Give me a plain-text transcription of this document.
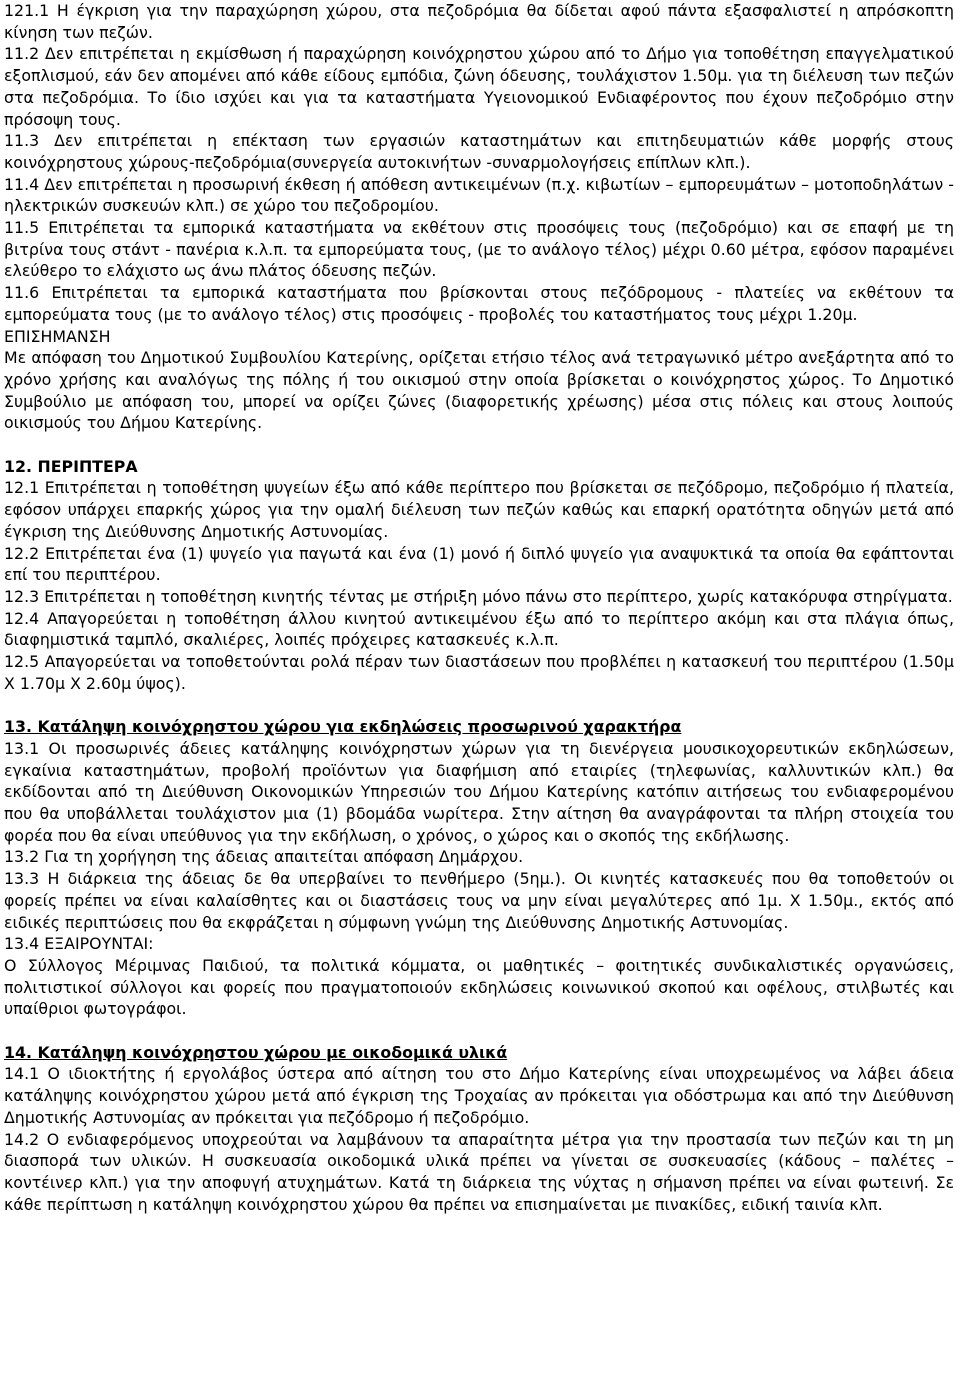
121.1 Η έγκριση για την παραχώρηση χώρου, στα πεζοδρόμια θα δίδεται αφού πάντα εξασφαλιστεί η απρόσκοπτη κίνηση των πεζών.

11.2 Δεν επιτρέπεται η εκμίσθωση ή παραχώρηση κοινόχρηστου χώρου από το Δήμο για τοποθέτηση επαγγελματικού εξοπλισμού, εάν δεν απομένει από κάθε είδους εμπόδια, ζώνη όδευσης, τουλάχιστον 1.50μ. για τη διέλευση των πεζών στα πεζοδρόμια. Το ίδιο ισχύει και για τα καταστήματα Υγειονομικού Ενδιαφέροντος που έχουν πεζοδρόμιο στην πρόσοψη τους.

11.3 Δεν επιτρέπεται η επέκταση των εργασιών καταστημάτων και επιτηδευματιών κάθε μορφής στους κοινόχρηστους χώρους-πεζοδρόμια(συνεργεία αυτοκινήτων -συναρμολογήσεις επίπλων κλπ.).

11.4 Δεν επιτρέπεται η προσωρινή έκθεση ή απόθεση αντικειμένων (π.χ. κιβωτίων – εμπορευμάτων – μοτοποδηλάτων - ηλεκτρικών συσκευών κλπ.) σε χώρο του πεζοδρομίου.

11.5 Επιτρέπεται τα εμπορικά καταστήματα να εκθέτουν στις προσόψεις τους (πεζοδρόμιο) και σε επαφή με τη βιτρίνα τους στάντ - πανέρια κ.λ.π. τα εμπορεύματα τους, (με το ανάλογο τέλος) μέχρι 0.60 μέτρα, εφόσον παραμένει ελεύθερο το ελάχιστο ως άνω πλάτος όδευσης πεζών.

11.6 Επιτρέπεται τα εμπορικά καταστήματα που βρίσκονται στους πεζόδρομους - πλατείες να εκθέτουν τα εμπορεύματα τους (με το ανάλογο τέλος) στις προσόψεις - προβολές του καταστήματος τους μέχρι 1.20μ.

ΕΠΙΣΗΜΑΝΣΗ

Με απόφαση του Δημοτικού Συμβουλίου Κατερίνης, ορίζεται ετήσιο τέλος ανά τετραγωνικό μέτρο ανεξάρτητα από το χρόνο χρήσης και αναλόγως της πόλης ή του οικισμού στην οποία βρίσκεται ο κοινόχρηστος χώρος. Το Δημοτικό Συμβούλιο με απόφαση του, μπορεί να ορίζει ζώνες (διαφορετικής χρέωσης) μέσα στις πόλεις και στους λοιπούς οικισμούς του Δήμου Κατερίνης.

12. ΠΕΡΙΠΤΕΡΑ

12.1 Επιτρέπεται η τοποθέτηση ψυγείων έξω από κάθε περίπτερο που βρίσκεται σε πεζόδρομο, πεζοδρόμιο ή πλατεία, εφόσον υπάρχει επαρκής χώρος για την ομαλή διέλευση των πεζών καθώς και επαρκή ορατότητα οδηγών μετά από έγκριση της Διεύθυνσης Δημοτικής Αστυνομίας.

12.2 Επιτρέπεται ένα (1) ψυγείο για παγωτά και ένα (1) μονό ή διπλό ψυγείο για αναψυκτικά τα οποία θα εφάπτονται επί του περιπτέρου.

12.3 Επιτρέπεται η τοποθέτηση κινητής τέντας με στήριξη μόνο πάνω στο περίπτερο, χωρίς κατακόρυφα στηρίγματα.

12.4 Απαγορεύεται η τοποθέτηση άλλου κινητού αντικειμένου έξω από το περίπτερο ακόμη και στα πλάγια όπως, διαφημιστικά ταμπλό, σκαλιέρες, λοιπές πρόχειρες κατασκευές κ.λ.π.

12.5 Απαγορεύεται να τοποθετούνται ρολά πέραν των διαστάσεων που προβλέπει η κατασκευή του περιπτέρου (1.50μ Χ 1.70μ Χ 2.60μ ύψος).

13. Κατάληψη κοινόχρηστου χώρου για εκδηλώσεις προσωρινού χαρακτήρα

13.1 Οι προσωρινές άδειες κατάληψης κοινόχρηστων χώρων για τη διενέργεια μουσικοχορευτικών εκδηλώσεων, εγκαίνια καταστημάτων, προβολή προϊόντων για διαφήμιση από εταιρίες (τηλεφωνίας, καλλυντικών κλπ.) θα εκδίδονται από τη Διεύθυνση Οικονομικών Υπηρεσιών του Δήμου Κατερίνης κατόπιν αιτήσεως του ενδιαφερομένου που θα υποβάλλεται τουλάχιστον μια (1) βδομάδα νωρίτερα. Στην αίτηση θα αναγράφονται τα πλήρη στοιχεία του φορέα που θα είναι υπεύθυνος για την εκδήλωση, ο χρόνος, ο χώρος και ο σκοπός της εκδήλωσης.

13.2 Για τη χορήγηση της άδειας απαιτείται απόφαση Δημάρχου.

13.3 Η διάρκεια της άδειας δε θα υπερβαίνει το πενθήμερο (5ημ.). Οι κινητές κατασκευές που θα τοποθετούν οι φορείς πρέπει να είναι καλαίσθητες και οι διαστάσεις τους να μην είναι μεγαλύτερες από 1μ. Χ 1.50μ., εκτός από ειδικές περιπτώσεις που θα εκφράζεται η σύμφωνη γνώμη της Διεύθυνσης Δημοτικής Αστυνομίας.

13.4 ΕΞΑΙΡΟΥΝΤΑΙ:

Ο Σύλλογος Μέριμνας Παιδιού, τα πολιτικά κόμματα, οι μαθητικές – φοιτητικές συνδικαλιστικές οργανώσεις, πολιτιστικοί σύλλογοι και φορείς που πραγματοποιούν εκδηλώσεις κοινωνικού σκοπού και οφέλους, στιλβωτές και υπαίθριοι φωτογράφοι.

14. Κατάληψη κοινόχρηστου χώρου με οικοδομικά υλικά

14.1 Ο ιδιοκτήτης ή εργολάβος ύστερα από αίτηση του στο Δήμο Κατερίνης είναι υποχρεωμένος να λάβει άδεια κατάληψης κοινόχρηστου χώρου μετά από έγκριση της Τροχαίας αν πρόκειται για οδόστρωμα και από την Διεύθυνση Δημοτικής Αστυνομίας αν πρόκειται για πεζόδρομο ή πεζοδρόμιο.

14.2 Ο ενδιαφερόμενος υποχρεούται να λαμβάνουν τα απαραίτητα μέτρα για την προστασία των πεζών και τη μη διασπορά των υλικών. Η συσκευασία οικοδομικά υλικά πρέπει να γίνεται σε συσκευασίες (κάδους – παλέτες – κοντέινερ κλπ.) για την αποφυγή ατυχημάτων. Κατά τη διάρκεια της νύχτας η σήμανση πρέπει να είναι φωτεινή. Σε κάθε περίπτωση η κατάληψη κοινόχρηστου χώρου θα πρέπει να επισημαίνεται με πινακίδες, ειδική ταινία κλπ.
